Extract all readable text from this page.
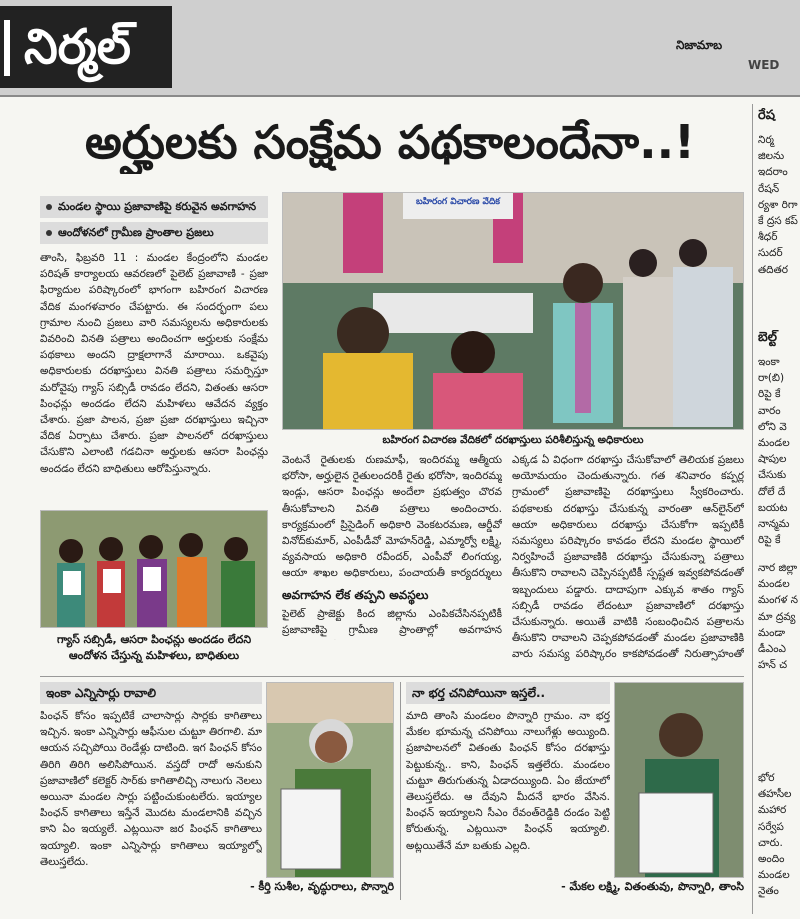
నిర్మల్	నిజామాబ
WED
అర్హులకు సంక్షేమ పథకాలందేనా..!
మండల స్థాయి ప్రజావాణిపై కరువైన అవగాహన
ఆందోళనలో గ్రామీణ ప్రాంతాల ప్రజలు
తాంసి, ఫిబ్రవరి 11 : మండల కేంద్రంలోని మండల పరిషత్ కార్యాలయ ఆవరణలో పైలెట్ ప్రజావాణి - ప్రజా ఫిర్యాదుల పరిష్కారంలో భాగంగా బహిరంగ విచారణ వేదిక మంగళవారం చేపట్టారు. ఈ సందర్భంగా పలు గ్రామాల నుంచి ప్రజలు వారి సమస్యలను అధికారులకు వివరించి వినతి పత్రాలు అందించగా అర్హులకు సంక్షేమ పథకాలు అందని ద్రాక్షలాగానే మారాయి. ఒకవైపు అధికారులకు దరఖాస్తులు వినతి పత్రాలు సమర్పిస్తూ మరోవైపు గ్యాస్ సబ్సిడీ రావడం లేదని, వితంతు ఆసరా పింఛన్లు అందడం లేదని మహిళలు ఆవేదన వ్యక్తం చేశారు. ప్రజా పాలన, ప్రజా ప్రజా దరఖాస్తులు ఇచ్చినా వేదిక ఏర్పాటు చేశారు. ప్రజా పాలనలో దరఖాస్తులు చేసుకొని ఎలాంటి గడచినా అర్హులకు ఆసరా పింఛన్లు అందడం లేదని బాధితులు ఆరోపిస్తున్నారు.
బహిరంగ విచారణ వేదిక
బహిరంగ విచారణ వేదికలో దరఖాస్తులు పరిశీలిస్తున్న అధికారులు
గ్యాస్ సబ్సిడీ, ఆసరా పింఛన్లు అందడం లేదని ఆందోళన చేస్తున్న మహిళలు, బాధితులు
వెంటనే రైతులకు రుణమాఫీ, ఇందిరమ్మ ఆత్మీయ భరోసా, అర్హులైన రైతులందరికీ రైతు భరోసా, ఇందిరమ్మ ఇండ్లు, ఆసరా పింఛన్లు అందేలా ప్రభుత్వం చొరవ తీసుకోవాలని వినతి పత్రాలు అందించారు. కార్యక్రమంలో ప్రిసైడింగ్ అధికారి వెంకటరమణ, ఆర్డీవో వినోద్‌కుమార్, ఎంపీడీవో మోహన్‌రెడ్డి, ఎమ్మార్వో లక్ష్మి, వ్యవసాయ అధికారి రవీందర్, ఎంపీవో లింగయ్య, ఆయా శాఖల అధికారులు, పంచాయతీ కార్యదర్శులు
అవగాహన లేక తప్పని అవస్థలు
పైలెట్ ప్రాజెక్టు కింద జిల్లాను ఎంపికచేసినప్పటికీ ప్రజావాణిపై గ్రామీణ ప్రాంతాల్లో అవగాహన
ఎక్కడ ఏ విధంగా దరఖాస్తు చేసుకోవాలో తెలియక ప్రజలు అయోమయం చెందుతున్నారు. గత శనివారం కప్పర్ల గ్రామంలో ప్రజావాణిపై దరఖాస్తులు స్వీకరించారు. పథకాలకు దరఖాస్తు చేసుకున్న వారంతా ఆన్‌లైన్‌లో ఆయా అధికారులు దరఖాస్తు చేసుకోగా ఇప్పటికీ సమస్యలు పరిష్కారం కావడం లేదని మండల స్థాయిలో నిర్వహించే ప్రజావాణికి దరఖాస్తు చేసుకున్నా పత్రాలు తీసుకొని రావాలని చెప్పినప్పటికీ స్పష్టత ఇవ్వకపోవడంతో ఇబ్బందులు పడ్డారు. దాదాపుగా ఎక్కువ శాతం గ్యాస్ సబ్సిడీ రావడం లేదంటూ ప్రజావాణిలో దరఖాస్తు చేసుకున్నారు. అయితే వాటికి సంబంధించిన పత్రాలను తీసుకొని రావాలని చెప్పకపోవడంతో మండల ప్రజావాణికి వారు సమస్య పరిష్కారం కాకపోవడంతో నిరుత్సాహంతో
ఇంకా ఎన్నిసార్లు రావాలి
పింఛన్ కోసం ఇప్పటికే చాలాసార్లు సార్లకు కాగితాలు ఇచ్చిన. ఇంకా ఎన్నిసార్లు ఆఫీసుల చుట్టూ తిరగాలి. మా ఆయన సచ్చిపోయి రెండేళ్లు దాటింది. ఇగ పింఛన్ కోసం తిరిగి తిరిగి అలిసిపోయిన. వస్తదో రాదో అనుకుని ప్రజావాణిలో కలెక్టర్ సార్‌కు కాగితాలిచ్చి నాలుగు నెలలు అయినా మండల సార్లు పట్టించుకుంటలేరు. ఇయ్యాల పింఛన్ కాగితాలు ఇస్తేనే మొదట మండలానికి వచ్చిన కాని ఏం ఇయ్యలే. ఎట్లయినా జర పింఛన్ కాగితాలు ఇయ్యాలి. ఇంకా ఎన్నిసార్లు కాగితాలు ఇయ్యాల్నో తెలుస్తలేదు.
- కీర్తి సుశీల, వృద్ధురాలు, పొన్నారి
నా భర్త చనిపోయినా ఇస్తలే..
మాది తాంసి మండలం పొన్నారి గ్రామం. నా భర్త మేకల భూమన్న చనిపోయి నాలుగేళ్లు అయ్యింది. ప్రజాపాలనలో వితంతు పింఛన్ కోసం దరఖాస్తు పెట్టుకున్న.. కాని, పింఛన్ ఇత్తలేరు. మండలం చుట్టూ తిరుగుతున్న ఏడాదయ్యింది. ఏం జేయాలో తెలుస్తలేదు. ఆ దేవుని మీదనే భారం వేసిన. పింఛన్ ఇయ్యాలని సీఎం రేవంత్‌రెడ్డికి దండం పెట్టి కోరుతున్న. ఎట్లయినా పింఛన్ ఇయ్యాలి. అట్లయితేనే మా బతుకు ఎల్లది.
- మేకల లక్ష్మి, వితంతువు, పొన్నారి, తాంసి
రేష
నిర్మ జిలను ఇదరాం రేషన్ ర్యశా రిగా కే ద్రస కప్ శీధర్ సుదర్ తదితర
బెల్ట్
ఇంకా రా(బి) రిపై కే వారం లోని వె మండల షాపుల చేసుకు దోలే దే బయట నాన్మమ రిపై కే
నార జిల్లా మండల మంగళ న మా ద్రవ్య మండా డీఎంఎ హన్ చ
భోర తహసీల మహార సర్వేప చారు. అందిం మండల నైతం
